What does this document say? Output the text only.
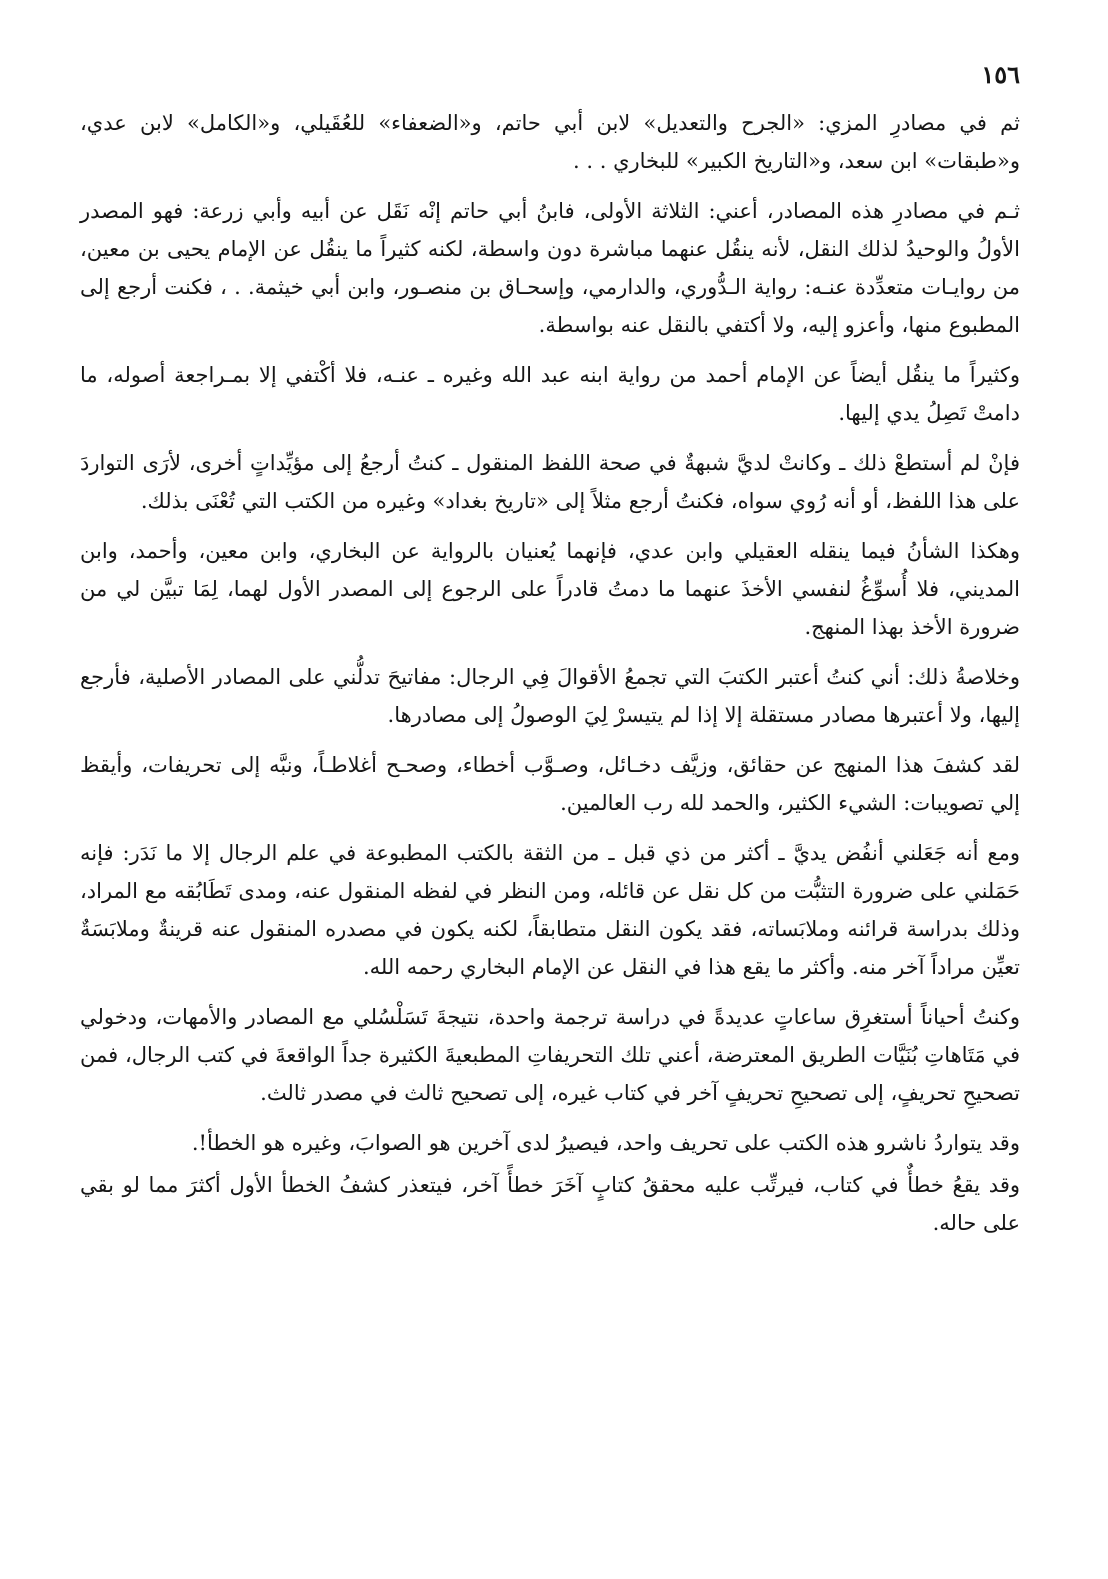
١٥٦

ثم في مصادرِ المزي: «الجرح والتعديل» لابن أبي حاتم، و«الضعفاء» للعُقَيلي، و«الكامل» لابن عدي، و«طبقات» ابن سعد، و«التاريخ الكبير» للبخاري . . .

ثـم في مصادرِ هذه المصادر، أعني: الثلاثة الأولى، فابنُ أبي حاتم إنْه نَقَل عن أبيه وأبي زرعة: فهو المصدر الأولُ والوحيدُ لذلك النقل، لأنه ينقُل عنهما مباشرة دون واسطة، لكنه كثيراً ما ينقُل عن الإمام يحيى بن معين، من روايـات متعدِّدة عنـه: رواية الـدُّوري، والدارمي، وإسحـاق بن منصـور، وابن أبي خيثمة. . ، فكنت أرجع إلى المطبوع منها، وأعزو إليه، ولا أكتفي بالنقل عنه بواسطة.

وكثيراً ما ينقُل أيضاً عن الإمام أحمد من رواية ابنه عبد الله وغيره ـ عنـه، فلا أكْتفي إلا بمـراجعة أصوله، ما دامتْ تَصِلُ يدي إليها.

فإنْ لم أستطعْ ذلك ـ وكانتْ لديَّ شبهةٌ في صحة اللفظ المنقول ـ كنتُ أرجعُ إلى مؤيِّداتٍ أخرى، لأرَى التواردَ على هذا اللفظ، أو أنه رُوي سواه، فكنتُ أرجع مثلاً إلى «تاريخ بغداد» وغيره من الكتب التي تُعْنَى بذلك.

وهكذا الشأنُ فيما ينقله العقيلي وابن عدي، فإنهما يُعنيان بالرواية عن البخاري، وابن معين، وأحمد، وابن المديني، فلا أُسوِّغُ لنفسي الأخذَ عنهما ما دمتُ قادراً على الرجوع إلى المصدر الأول لهما، لِمَا تبيَّن لي من ضرورة الأخذ بهذا المنهج.

وخلاصةُ ذلك: أني كنتُ أعتبر الكتبَ التي تجمعُ الأقوالَ فِي الرجال: مفاتيحَ تدلُّني على المصادر الأصلية، فأرجع إليها، ولا أعتبرها مصادر مستقلة إلا إذا لم يتيسرْ لِيَ الوصولُ إلى مصادرها.

لقد كشفَ هذا المنهج عن حقائق، وزيَّف دخـائل، وصـوَّب أخطاء، وصحـح أغلاطـاً، ونبَّه إلى تحريفات، وأيقظ إلي تصويبات: الشيء الكثير، والحمد لله رب العالمين.

ومع أنه جَعَلني أنفُض يديَّ ـ أكثر من ذي قبل ـ من الثقة بالكتب المطبوعة في علم الرجال إلا ما نَدَر: فإنه حَمَلني على ضرورة التثبُّت من كل نقل عن قائله، ومن النظر في لفظه المنقول عنه، ومدى تَطَابُقه مع المراد، وذلك بدراسة قرائنه وملابَساته، فقد يكون النقل متطابقاً، لكنه يكون في مصدره المنقول عنه قرينةٌ وملابَسَةٌ تعيِّن مراداً آخر منه. وأكثر ما يقع هذا في النقل عن الإمام البخاري رحمه الله.

وكنتُ أحياناً أستغرِق ساعاتٍ عديدةً في دراسة ترجمة واحدة، نتيجةَ تَسَلْسُلي مع المصادر والأمهات، ودخولي في مَتَاهاتِ بُنَيَّات الطريق المعترضة، أعني تلك التحريفاتِ المطبعيةَ الكثيرة جداً الواقعةَ في كتب الرجال، فمن تصحيحِ تحريفٍ، إلى تصحيحِ تحريفٍ آخر في كتاب غيره، إلى تصحيح ثالث في مصدر ثالث.

وقد يتواردُ ناشرو هذه الكتب على تحريف واحد، فيصيرُ لدى آخرين هو الصوابَ، وغيره هو الخطأ!.

وقد يقعُ خطأٌ في كتاب، فيرتِّب عليه محققُ كتابٍ آخَرَ خطأً آخر، فيتعذر كشفُ الخطأ الأول أكثرَ مما لو بقي على حاله.
